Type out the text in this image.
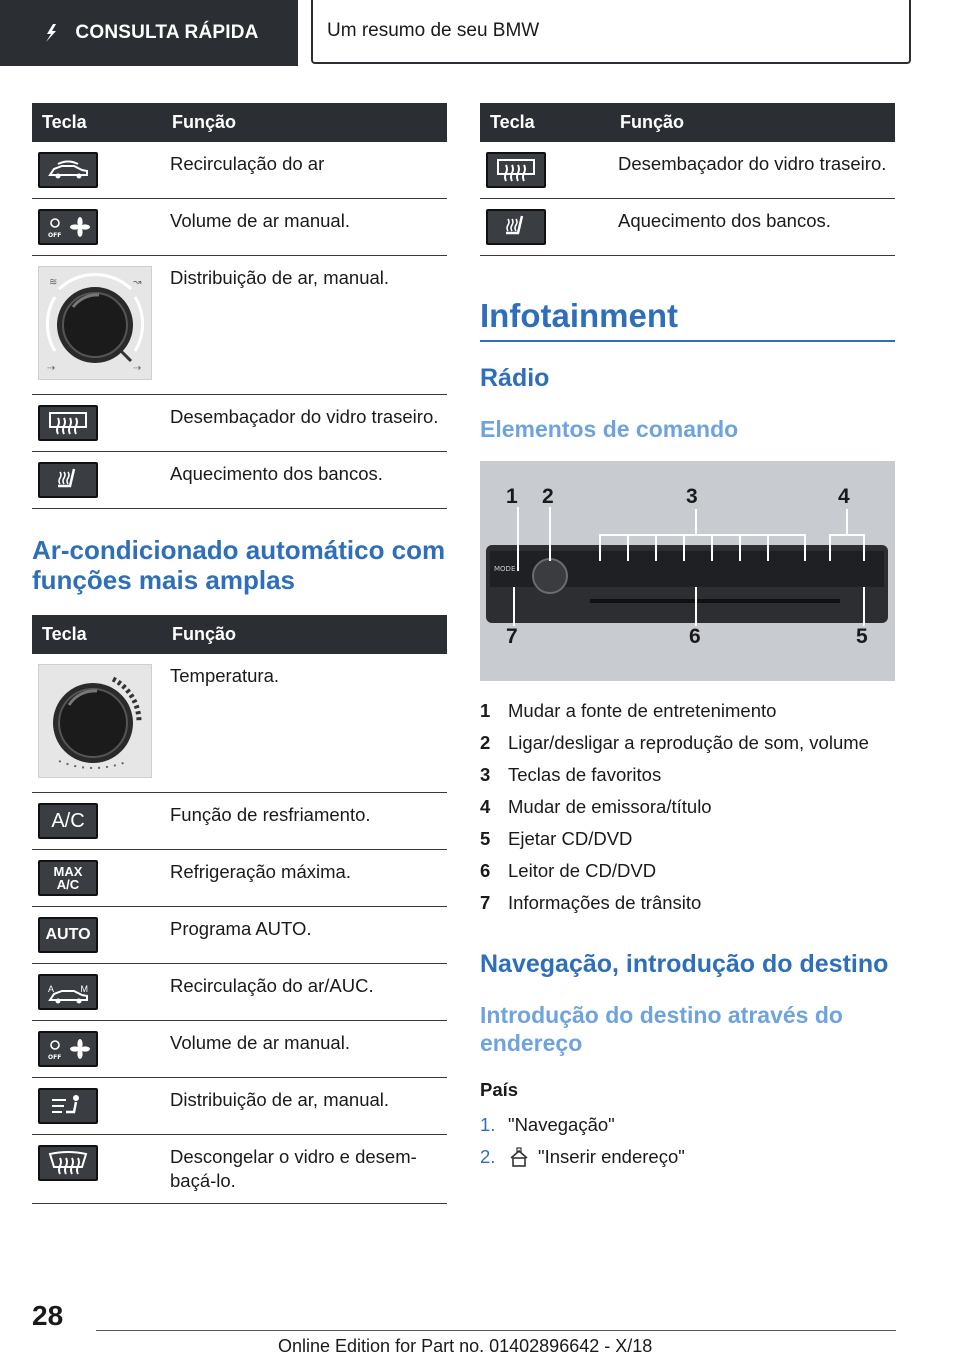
CONSULTA RÁPIDA	Um resumo de seu BMW
Tecla	Função

	Recirculação do ar

OFF	Volume de ar manual.

≋ ↝
⇢ ⇢	Distribuição de ar, manual.

	Desembaçador do vidro traseiro.

	Aquecimento dos bancos.
Ar-condicionado automático com funções mais amplas
Tecla	Função

	Temperatura.

A/C	Função de resfriamento.

MAX
A/C	Refrigeração máxima.

AUTO	Programa AUTO.

A M	Recirculação do ar/AUC.

OFF	Volume de ar manual.

	Distribuição de ar, manual.

	Descongelar o vidro e desembaçá-lo.
Tecla	Função

	Desembaçador do vidro traseiro.

	Aquecimento dos bancos.
Infotainment
Rádio
Elementos de comando
MODE
1 2	3	4
7	6	5
1 Mudar a fonte de entretenimento
2 Ligar/desligar a reprodução de som, volume
3 Teclas de favoritos
4 Mudar de emissora/título
5 Ejetar CD/DVD
6 Leitor de CD/DVD
7 Informações de trânsito
Navegação, introdução do destino
Introdução do destino através do endereço
País
1. "Navegação"
2.	"Inserir endereço"
28
Online Edition for Part no. 01402896642 - X/18
